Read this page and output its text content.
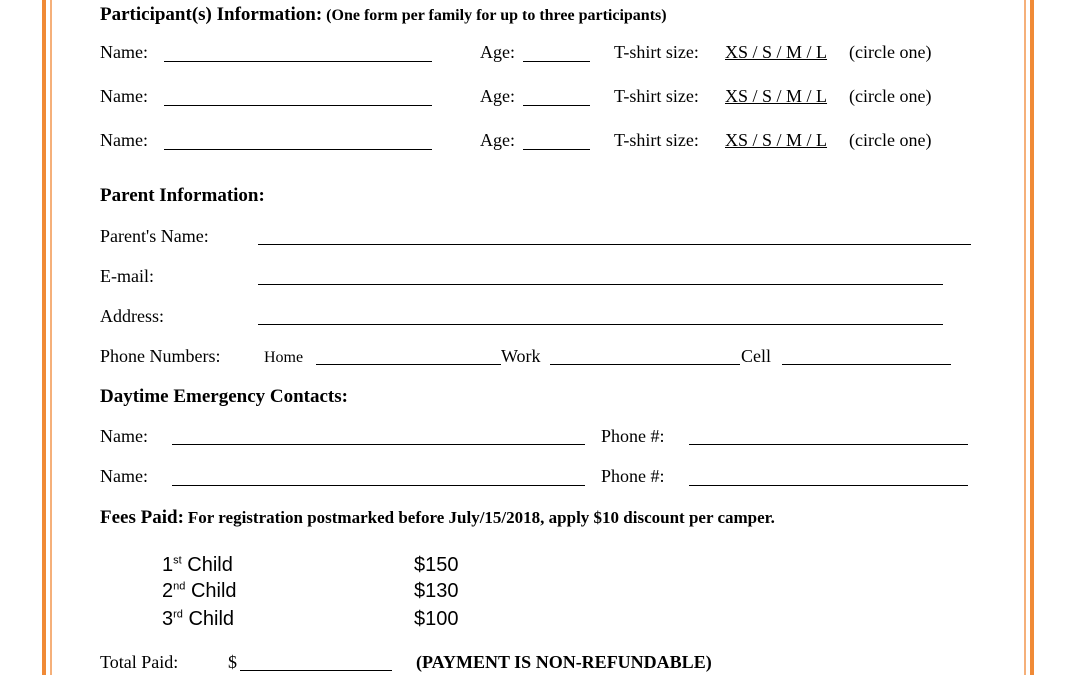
Participant(s) Information: (One form per family for up to three participants)
Name:	Age:	T-shirt size: XS / S / M / L (circle one)
Name:	Age:	T-shirt size: XS / S / M / L (circle one)
Name:	Age:	T-shirt size: XS / S / M / L (circle one)
Parent Information:
Parent's Name:
E-mail:
Address:
Phone Numbers:	Home	Work	Cell
Daytime Emergency Contacts:
Name:	Phone #:
Name:	Phone #:
Fees Paid: For registration postmarked before July/15/2018, apply $10 discount per camper.
1st Child	$150
2nd Child	$130
3rd Child	$100
Total Paid:	$	(PAYMENT IS NON-REFUNDABLE)
